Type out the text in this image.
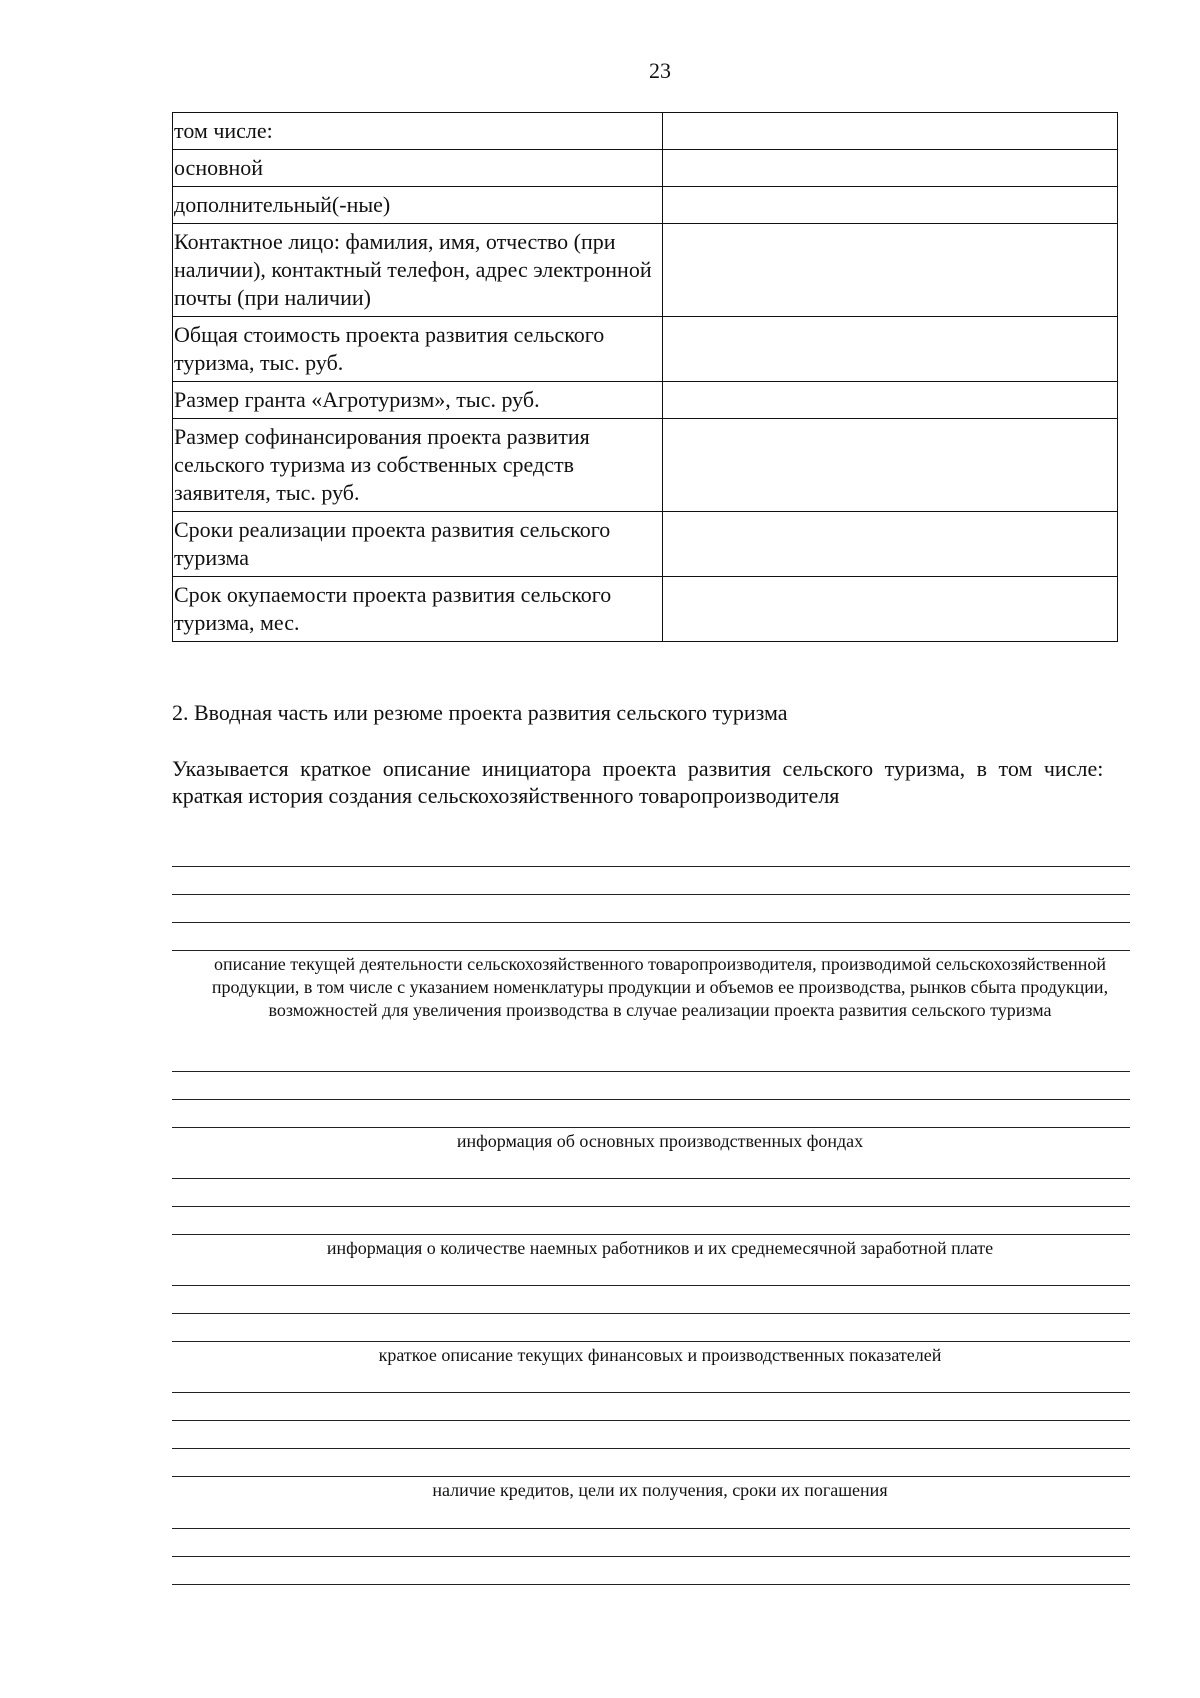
23
том числе:	
основной	
дополнительный(-ные)	
Контактное лицо: фамилия, имя, отчество (при наличии), контактный телефон, адрес электронной почты (при наличии)	
Общая стоимость проекта развития сельского туризма, тыс. руб.	
Размер гранта «Агротуризм», тыс. руб.	
Размер софинансирования проекта развития сельского туризма из собственных средств заявителя, тыс. руб.	
Сроки реализации проекта развития сельского туризма	
Срок окупаемости проекта развития сельского туризма, мес.	
2. Вводная часть или резюме проекта развития сельского туризма
Указывается краткое описание инициатора проекта развития сельского туризма, в том числе:
краткая история создания сельскохозяйственного товаропроизводителя
описание текущей деятельности сельскохозяйственного товаропроизводителя, производимой сельскохозяйственной продукции, в том числе с указанием номенклатуры продукции и объемов ее производства, рынков сбыта продукции, возможностей для увеличения производства в случае реализации проекта развития сельского туризма
информация об основных производственных фондах
информация о количестве наемных работников и их среднемесячной заработной плате
краткое описание текущих финансовых и производственных показателей
наличие кредитов, цели их получения, сроки их погашения
